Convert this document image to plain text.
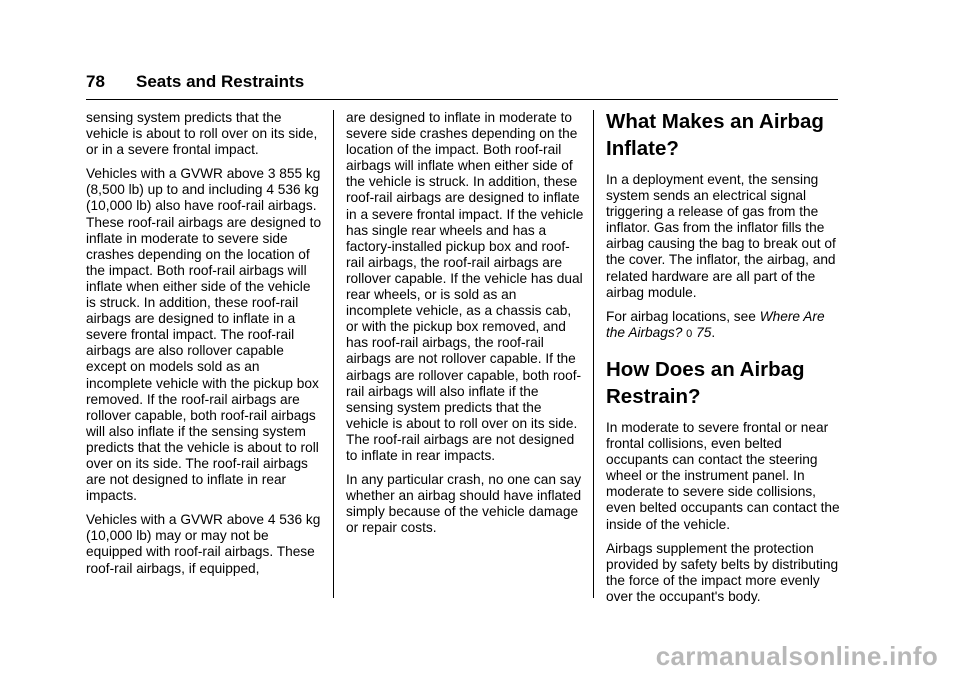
78 Seats and Restraints

sensing system predicts that the vehicle is about to roll over on its side, or in a severe frontal impact.

Vehicles with a GVWR above 3 855 kg (8,500 lb) up to and including 4 536 kg (10,000 lb) also have roof-rail airbags. These roof-rail airbags are designed to inflate in moderate to severe side crashes depending on the location of the impact. Both roof-rail airbags will inflate when either side of the vehicle is struck. In addition, these roof-rail airbags are designed to inflate in a severe frontal impact. The roof-rail airbags are also rollover capable except on models sold as an incomplete vehicle with the pickup box removed. If the roof-rail airbags are rollover capable, both roof-rail airbags will also inflate if the sensing system predicts that the vehicle is about to roll over on its side. The roof-rail airbags are not designed to inflate in rear impacts.

Vehicles with a GVWR above 4 536 kg (10,000 lb) may or may not be equipped with roof-rail airbags. These roof-rail airbags, if equipped,

are designed to inflate in moderate to severe side crashes depending on the location of the impact. Both roof-rail airbags will inflate when either side of the vehicle is struck. In addition, these roof-rail airbags are designed to inflate in a severe frontal impact. If the vehicle has single rear wheels and has a factory-installed pickup box and roof-rail airbags, the roof-rail airbags are rollover capable. If the vehicle has dual rear wheels, or is sold as an incomplete vehicle, as a chassis cab, or with the pickup box removed, and has roof-rail airbags, the roof-rail airbags are not rollover capable. If the airbags are rollover capable, both roof-rail airbags will also inflate if the sensing system predicts that the vehicle is about to roll over on its side. The roof-rail airbags are not designed to inflate in rear impacts.

In any particular crash, no one can say whether an airbag should have inflated simply because of the vehicle damage or repair costs.

What Makes an Airbag Inflate?

In a deployment event, the sensing system sends an electrical signal triggering a release of gas from the inflator. Gas from the inflator fills the airbag causing the bag to break out of the cover. The inflator, the airbag, and related hardware are all part of the airbag module.

For airbag locations, see Where Are the Airbags? 0 75.

How Does an Airbag Restrain?

In moderate to severe frontal or near frontal collisions, even belted occupants can contact the steering wheel or the instrument panel. In moderate to severe side collisions, even belted occupants can contact the inside of the vehicle.

Airbags supplement the protection provided by safety belts by distributing the force of the impact more evenly over the occupant's body.

carmanualsonline.info
